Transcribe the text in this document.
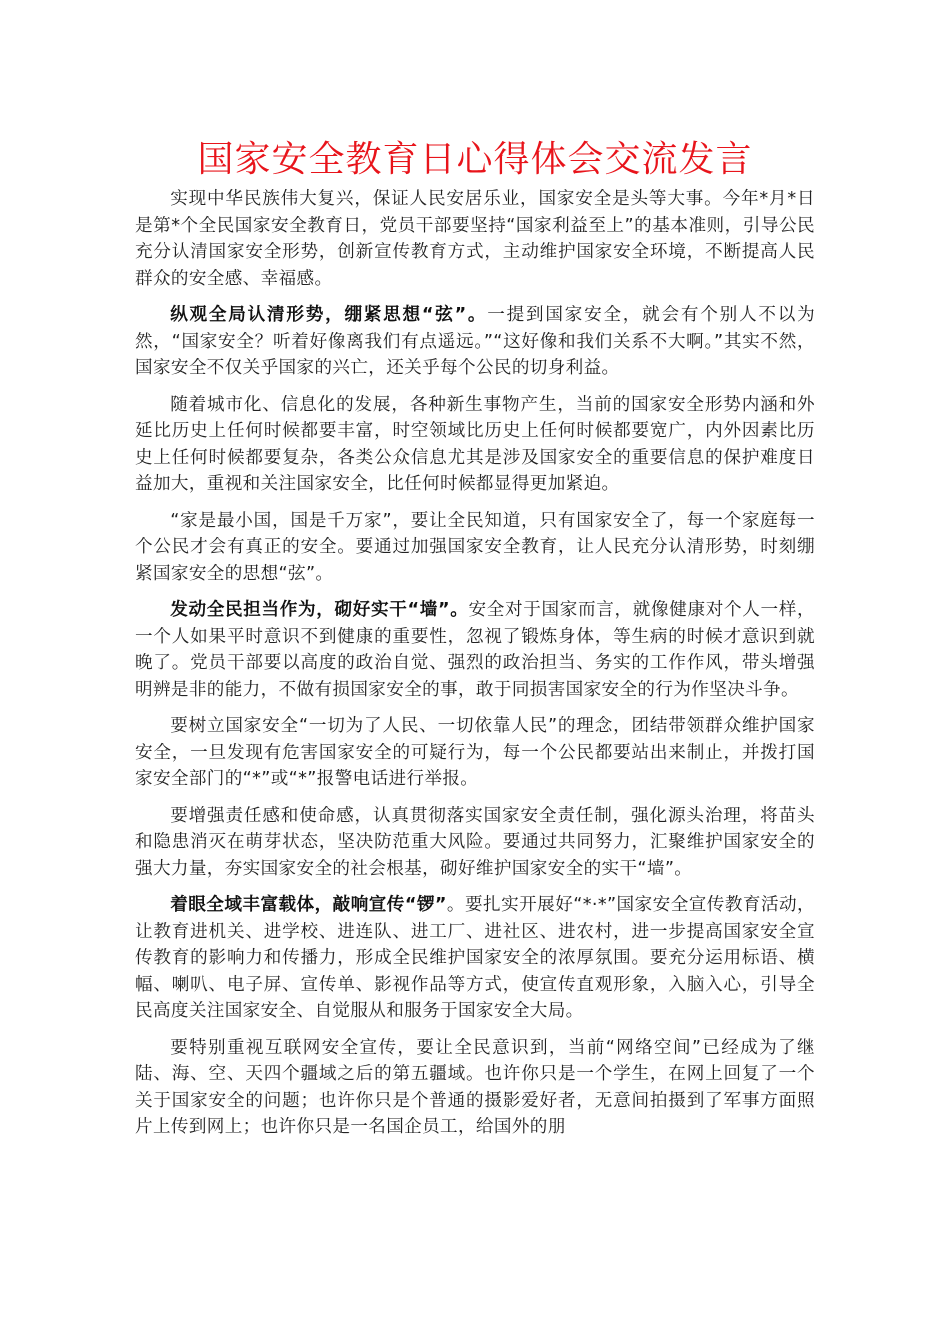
国家安全教育日心得体会交流发言

实现中华民族伟大复兴，保证人民安居乐业，国家安全是头等大事。今年*月*日是第*个全民国家安全教育日，党员干部要坚持“国家利益至上”的基本准则，引导公民充分认清国家安全形势，创新宣传教育方式，主动维护国家安全环境，不断提高人民群众的安全感、幸福感。

纵观全局认清形势，绷紧思想“弦”。一提到国家安全，就会有个别人不以为然，“国家安全？听着好像离我们有点遥远。”“这好像和我们关系不大啊。”其实不然，国家安全不仅关乎国家的兴亡，还关乎每个公民的切身利益。

随着城市化、信息化的发展，各种新生事物产生，当前的国家安全形势内涵和外延比历史上任何时候都要丰富，时空领域比历史上任何时候都要宽广，内外因素比历史上任何时候都要复杂，各类公众信息尤其是涉及国家安全的重要信息的保护难度日益加大，重视和关注国家安全，比任何时候都显得更加紧迫。

“家是最小国，国是千万家”，要让全民知道，只有国家安全了，每一个家庭每一个公民才会有真正的安全。要通过加强国家安全教育，让人民充分认清形势，时刻绷紧国家安全的思想“弦”。

发动全民担当作为，砌好实干“墙”。安全对于国家而言，就像健康对个人一样，一个人如果平时意识不到健康的重要性，忽视了锻炼身体，等生病的时候才意识到就晚了。党员干部要以高度的政治自觉、强烈的政治担当、务实的工作作风，带头增强明辨是非的能力，不做有损国家安全的事，敢于同损害国家安全的行为作坚决斗争。

要树立国家安全“一切为了人民、一切依靠人民”的理念，团结带领群众维护国家安全，一旦发现有危害国家安全的可疑行为，每一个公民都要站出来制止，并拨打国家安全部门的“*”或“*”报警电话进行举报。

要增强责任感和使命感，认真贯彻落实国家安全责任制，强化源头治理，将苗头和隐患消灭在萌芽状态，坚决防范重大风险。要通过共同努力，汇聚维护国家安全的强大力量，夯实国家安全的社会根基，砌好维护国家安全的实干“墙”。

着眼全域丰富载体，敲响宣传“锣”。要扎实开展好“*·*”国家安全宣传教育活动，让教育进机关、进学校、进连队、进工厂、进社区、进农村，进一步提高国家安全宣传教育的影响力和传播力，形成全民维护国家安全的浓厚氛围。要充分运用标语、横幅、喇叭、电子屏、宣传单、影视作品等方式，使宣传直观形象，入脑入心，引导全民高度关注国家安全、自觉服从和服务于国家安全大局。

要特别重视互联网安全宣传，要让全民意识到，当前“网络空间”已经成为了继陆、海、空、天四个疆域之后的第五疆域。也许你只是一个学生，在网上回复了一个关于国家安全的问题；也许你只是个普通的摄影爱好者，无意间拍摄到了军事方面照片上传到网上；也许你只是一名国企员工，给国外的朋
